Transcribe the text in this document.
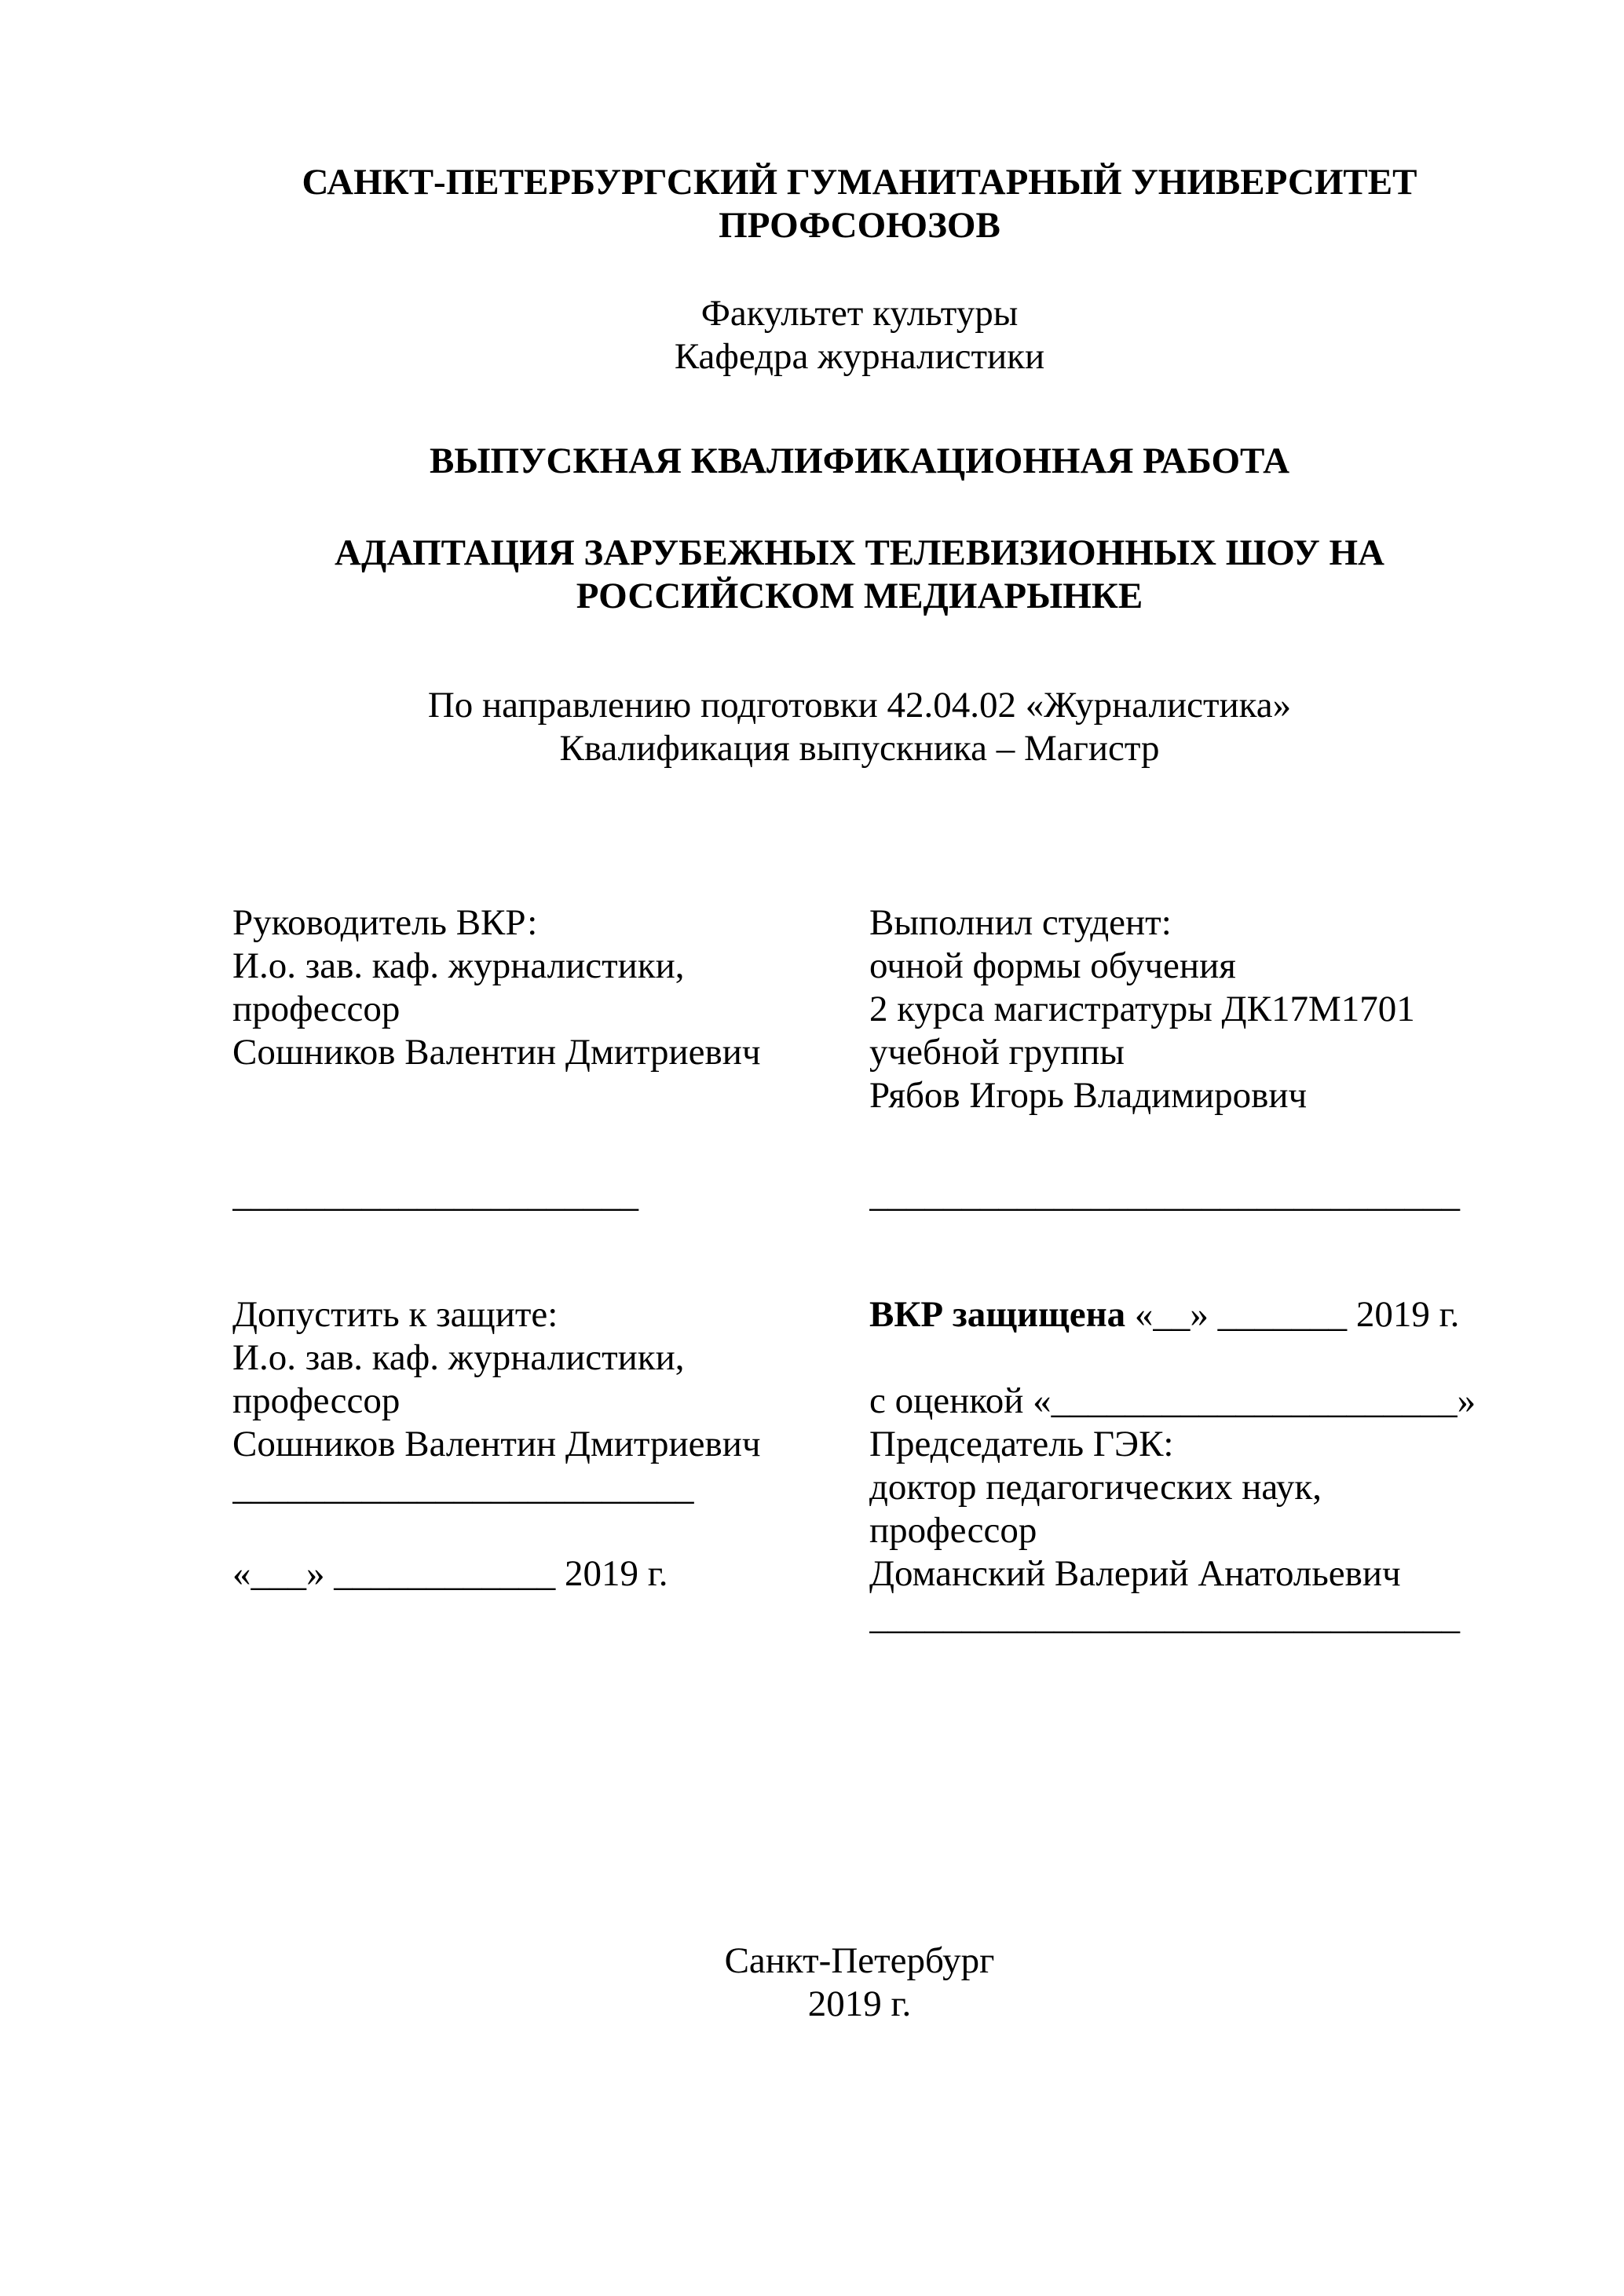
САНКТ-ПЕТЕРБУРГСКИЙ ГУМАНИТАРНЫЙ УНИВЕРСИТЕТ ПРОФСОЮЗОВ
Факультет культуры
Кафедра журналистики
ВЫПУСКНАЯ КВАЛИФИКАЦИОННАЯ РАБОТА
АДАПТАЦИЯ ЗАРУБЕЖНЫХ ТЕЛЕВИЗИОННЫХ ШОУ НА РОССИЙСКОМ МЕДИАРЫНКЕ
По направлению подготовки 42.04.02 «Журналистика»
Квалификация выпускника – Магистр
Руководитель ВКР:
И.о. зав. каф. журналистики,
профессор
Сошников Валентин Дмитриевич
______________________
Выполнил студент:
очной формы обучения
2 курса магистратуры ДК17М1701
учебной группы
Рябов Игорь Владимирович
________________________________
Допустить к защите:
И.о. зав. каф. журналистики,
профессор
Сошников Валентин Дмитриевич
_________________________
«___» ____________ 2019 г.
ВКР защищена «__» _______ 2019 г.
с оценкой «______________________»
Председатель ГЭК:
доктор педагогических наук,
профессор
Доманский Валерий Анатольевич
________________________________
Санкт-Петербург
2019 г.
